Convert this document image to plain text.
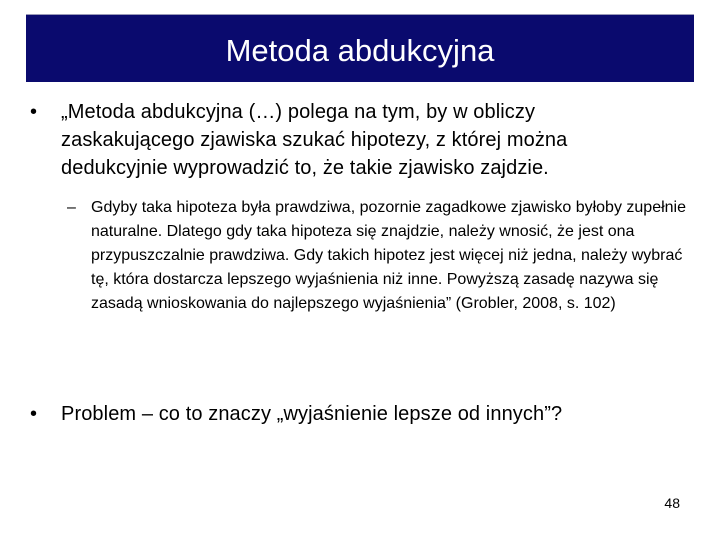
Metoda abdukcyjna
•	„Metoda abdukcyjna (…) polega na tym, by w obliczy zaskakującego zjawiska szukać hipotezy, z której można dedukcyjnie wyprowadzić to, że takie zjawisko zajdzie.
– Gdyby taka hipoteza była prawdziwa, pozornie zagadkowe zjawisko byłoby zupełnie naturalne. Dlatego gdy taka hipoteza się znajdzie, należy wnosić, że jest ona przypuszczalnie prawdziwa. Gdy takich hipotez jest więcej niż jedna, należy wybrać tę, która dostarcza lepszego wyjaśnienia niż inne. Powyższą zasadę nazywa się zasadą wnioskowania do najlepszego wyjaśnienia” (Grobler, 2008, s. 102)
•	Problem – co to znaczy „wyjaśnienie lepsze od innych”?
48
